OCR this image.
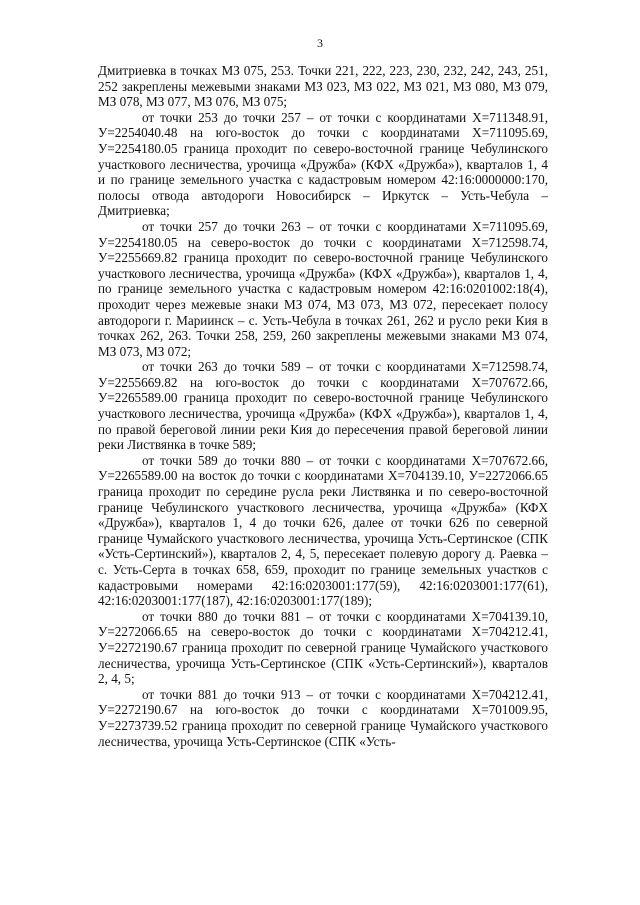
3

Дмитриевка в точках МЗ 075, 253. Точки 221, 222, 223, 230, 232, 242, 243, 251, 252 закреплены межевыми знаками МЗ 023, МЗ 022, МЗ 021, МЗ 080, МЗ 079, МЗ 078, МЗ 077, МЗ 076, МЗ 075;

от точки 253 до точки 257 – от точки с координатами Х=711348.91, У=2254040.48 на юго-восток до точки с координатами Х=711095.69, У=2254180.05 граница проходит по северо-восточной границе Чебулинского участкового лесничества, урочища «Дружба» (КФХ «Дружба»), кварталов 1, 4 и по границе земельного участка с кадастровым номером 42:16:0000000:170, полосы отвода автодороги Новосибирск – Иркутск – Усть-Чебула – Дмитриевка;

от точки 257 до точки 263 – от точки с координатами Х=711095.69, У=2254180.05 на северо-восток до точки с координатами Х=712598.74, У=2255669.82 граница проходит по северо-восточной границе Чебулинского участкового лесничества, урочища «Дружба» (КФХ «Дружба»), кварталов 1, 4, по границе земельного участка с кадастровым номером 42:16:0201002:18(4), проходит через межевые знаки МЗ 074, МЗ 073, МЗ 072, пересекает полосу автодороги г. Мариинск – с. Усть-Чебула в точках 261, 262 и русло реки Кия в точках 262, 263. Точки 258, 259, 260 закреплены межевыми знаками МЗ 074, МЗ 073, МЗ 072;

от точки 263 до точки 589 – от точки с координатами Х=712598.74, У=2255669.82 на юго-восток до точки с координатами Х=707672.66, У=2265589.00 граница проходит по северо-восточной границе Чебулинского участкового лесничества, урочища «Дружба» (КФХ «Дружба»), кварталов 1, 4, по правой береговой линии реки Кия до пересечения правой береговой линии реки Листвянка в точке 589;

от точки 589 до точки 880 – от точки с координатами Х=707672.66, У=2265589.00 на восток до точки с координатами Х=704139.10, У=2272066.65 граница проходит по середине русла реки Листвянка и по северо-восточной границе Чебулинского участкового лесничества, урочища «Дружба» (КФХ «Дружба»), кварталов 1, 4 до точки 626, далее от точки 626 по северной границе Чумайского участкового лесничества, урочища Усть-Сертинское (СПК «Усть-Сертинский»), кварталов 2, 4, 5, пересекает полевую дорогу д. Раевка – с. Усть-Серта в точках 658, 659, проходит по границе земельных участков с кадастровыми номерами 42:16:0203001:177(59), 42:16:0203001:177(61), 42:16:0203001:177(187), 42:16:0203001:177(189);

от точки 880 до точки 881 – от точки с координатами Х=704139.10, У=2272066.65 на северо-восток до точки с координатами Х=704212.41, У=2272190.67 граница проходит по северной границе Чумайского участкового лесничества, урочища Усть-Сертинское (СПК «Усть-Сертинский»), кварталов 2, 4, 5;

от точки 881 до точки 913 – от точки с координатами Х=704212.41, У=2272190.67 на юго-восток до точки с координатами Х=701009.95, У=2273739.52 граница проходит по северной границе Чумайского участкового лесничества, урочища Усть-Сертинское (СПК «Усть-
